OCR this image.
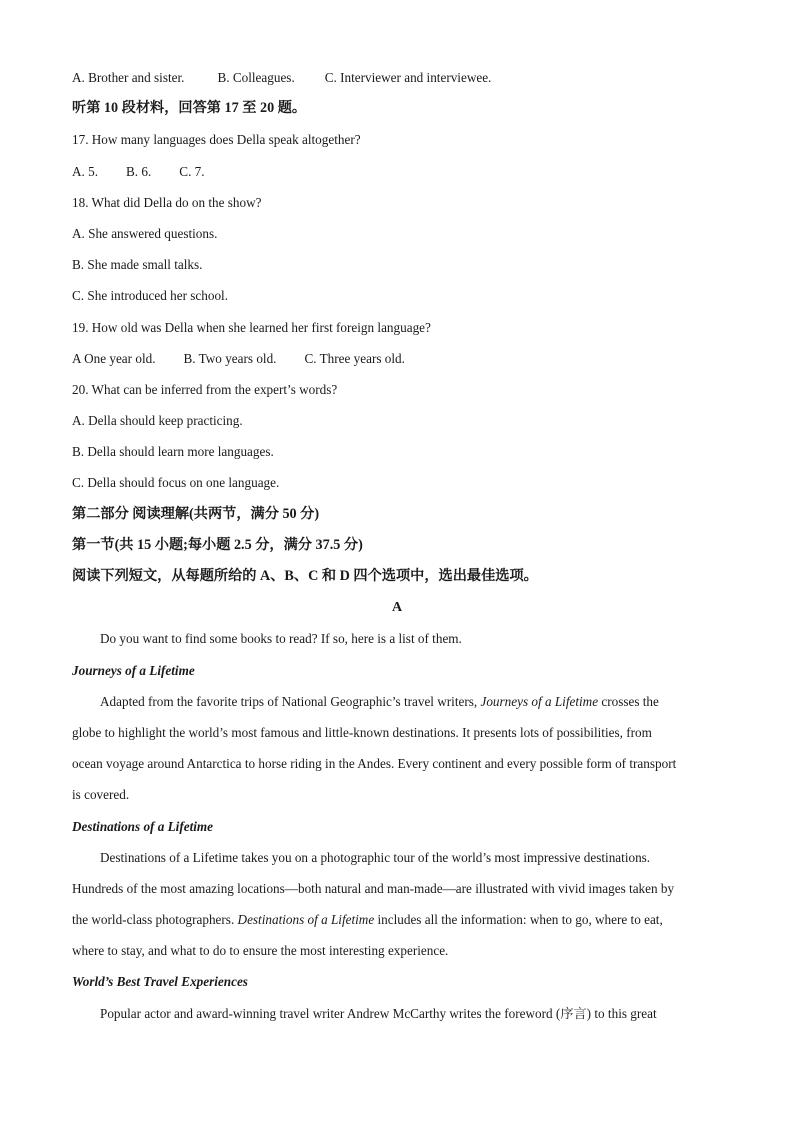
A. Brother and sister.	B. Colleagues. C. Interviewer and interviewee.
听第 10 段材料，回答第 17 至 20 题。
17. How many languages does Della speak altogether?
A. 5. B. 6. C. 7.
18. What did Della do on the show?
A. She answered questions.
B. She made small talks.
C. She introduced her school.
19. How old was Della when she learned her first foreign language?
A One year old. B. Two years old. C. Three years old.
20. What can be inferred from the expert’s words?
A. Della should keep practicing.
B. Della should learn more languages.
C. Della should focus on one language.
第二部分 阅读理解(共两节，满分 50 分)
第一节(共 15 小题;每小题 2.5 分，满分 37.5 分)
阅读下列短文，从每题所给的 A、B、C 和 D 四个选项中，选出最佳选项。
A
Do you want to find some books to read? If so, here is a list of them.
Journeys of a Lifetime
Adapted from the favorite trips of National Geographic’s travel writers, Journeys of a Lifetime crosses the
globe to highlight the world’s most famous and little-known destinations. It presents lots of possibilities, from
ocean voyage around Antarctica to horse riding in the Andes. Every continent and every possible form of transport
is covered.
Destinations of a Lifetime
Destinations of a Lifetime takes you on a photographic tour of the world’s most impressive destinations.
Hundreds of the most amazing locations—both natural and man-made—are illustrated with vivid images taken by
the world-class photographers. Destinations of a Lifetime includes all the information: when to go, where to eat,
where to stay, and what to do to ensure the most interesting experience.
World’s Best Travel Experiences
Popular actor and award-winning travel writer Andrew McCarthy writes the foreword (序言) to this great
